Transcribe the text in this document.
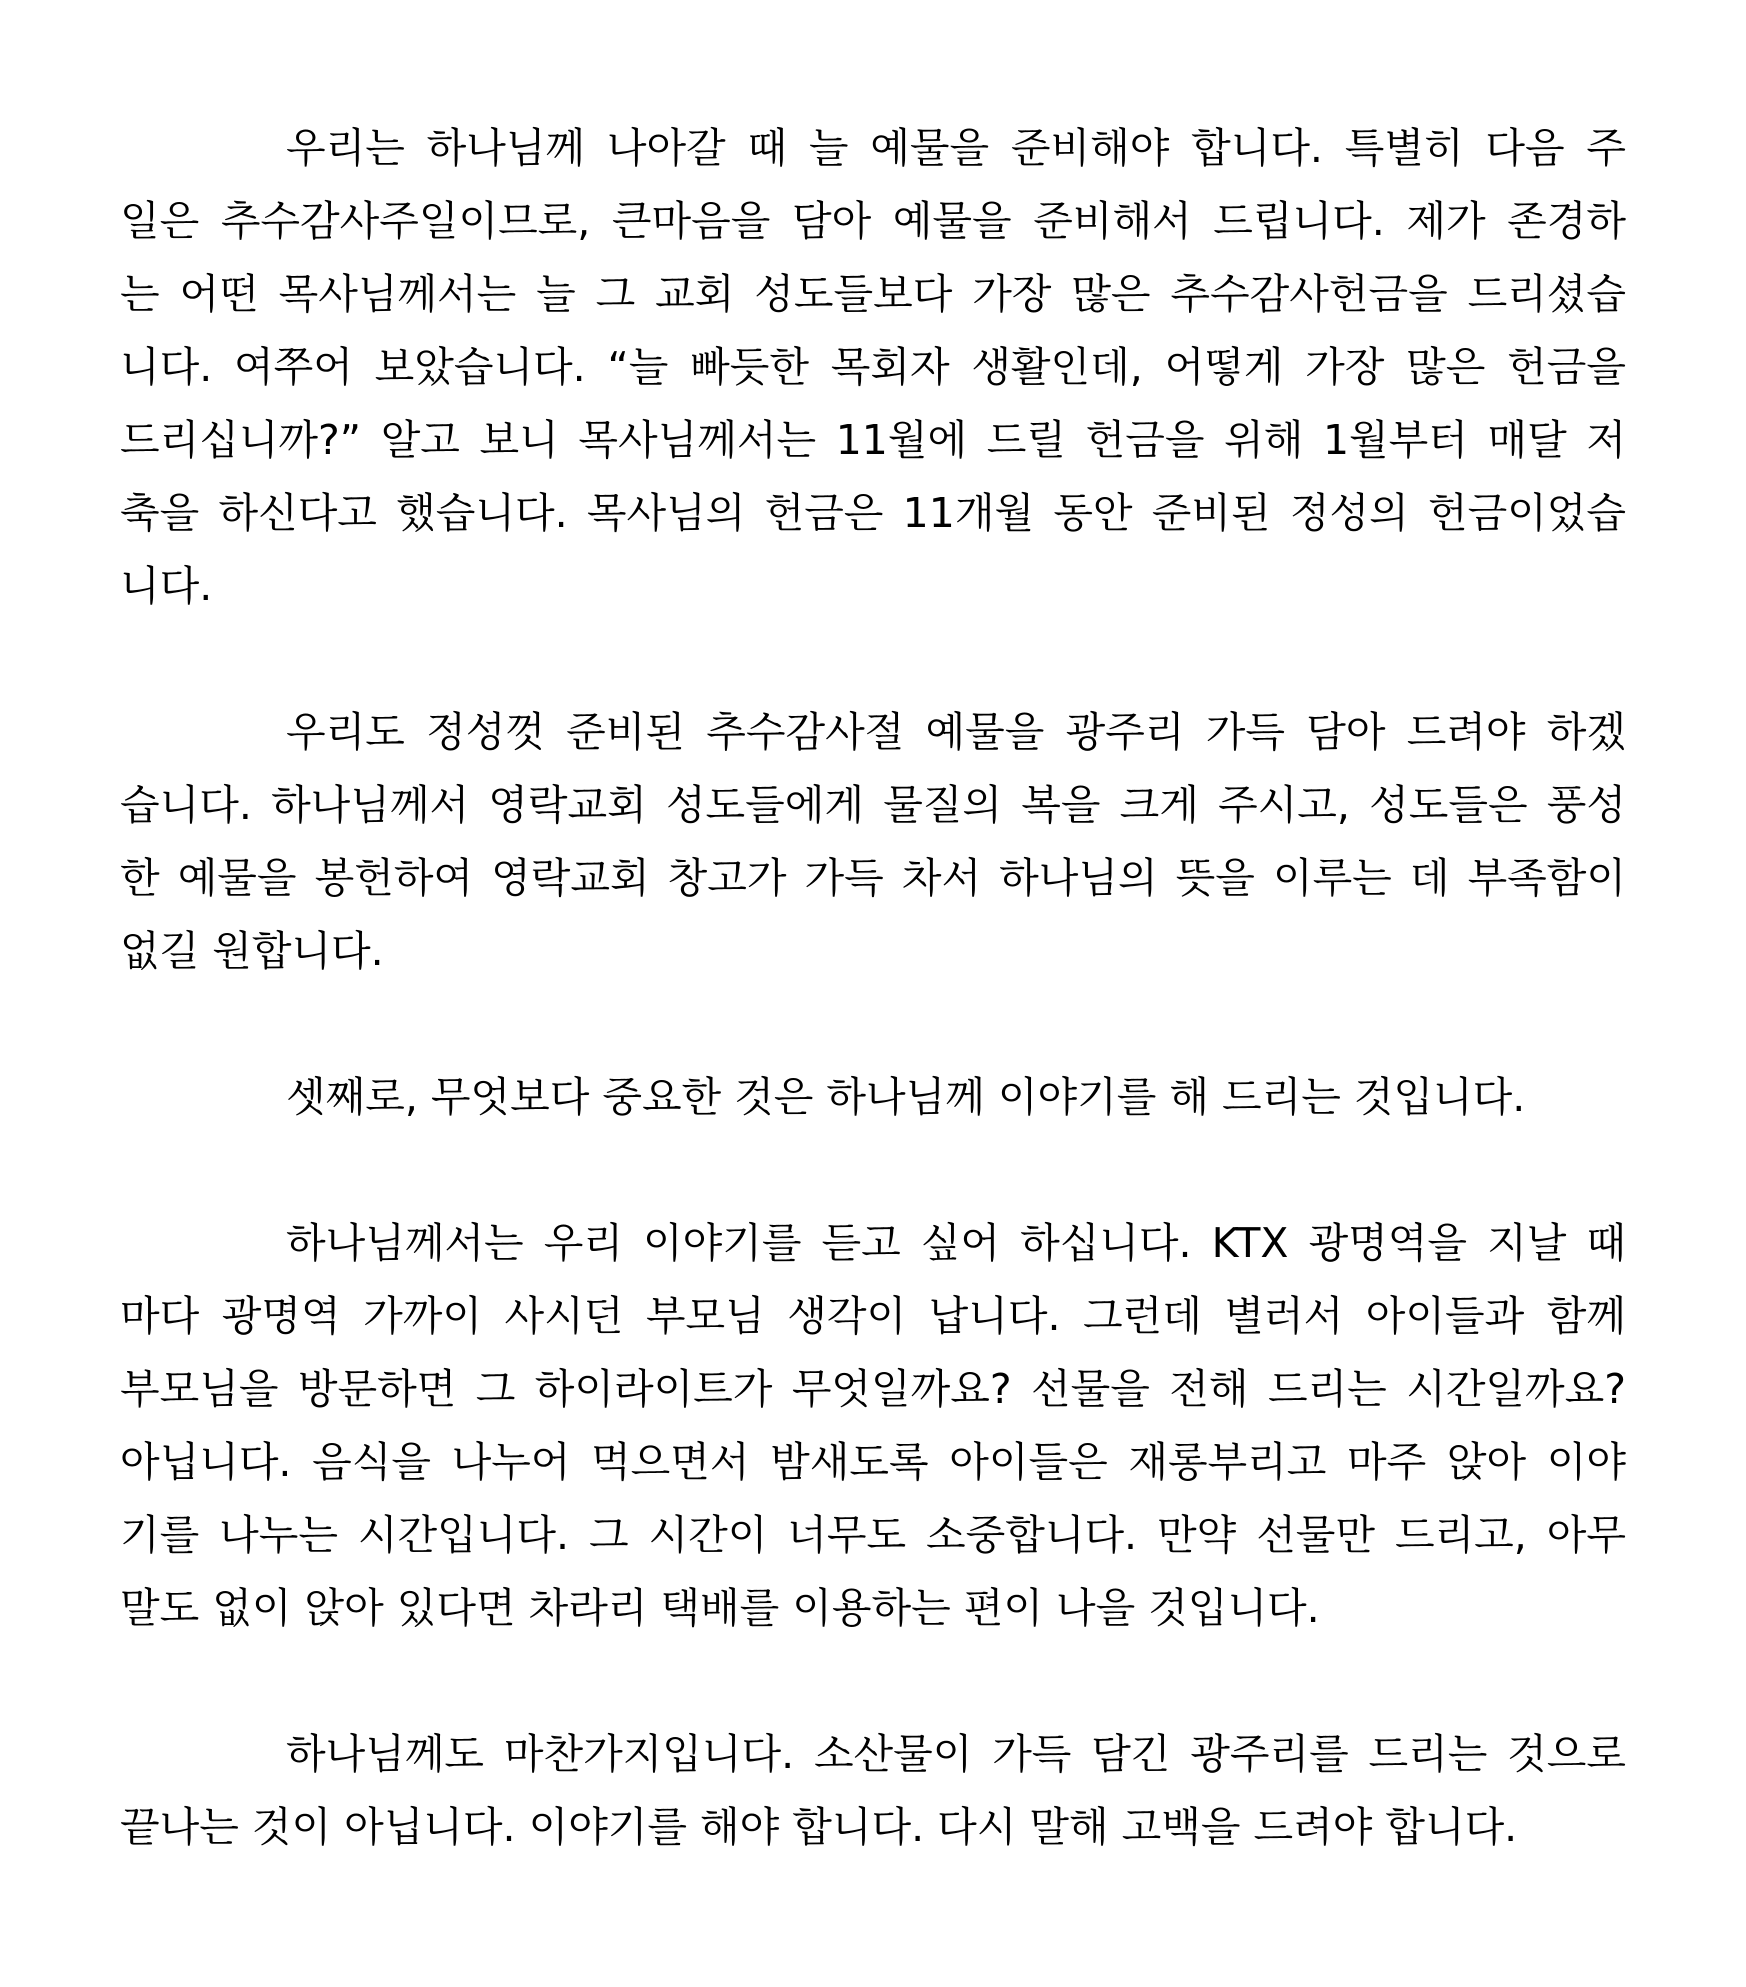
우리는 하나님께 나아갈 때 늘 예물을 준비해야 합니다. 특별히 다음 주
일은 추수감사주일이므로, 큰마음을 담아 예물을 준비해서 드립니다. 제가 존경하
는 어떤 목사님께서는 늘 그 교회 성도들보다 가장 많은 추수감사헌금을 드리셨습
니다. 여쭈어 보았습니다. “늘 빠듯한 목회자 생활인데, 어떻게 가장 많은 헌금을
드리십니까?” 알고 보니 목사님께서는 11월에 드릴 헌금을 위해 1월부터 매달 저
축을 하신다고 했습니다. 목사님의 헌금은 11개월 동안 준비된 정성의 헌금이었습
니다.
우리도 정성껏 준비된 추수감사절 예물을 광주리 가득 담아 드려야 하겠
습니다. 하나님께서 영락교회 성도들에게 물질의 복을 크게 주시고, 성도들은 풍성
한 예물을 봉헌하여 영락교회 창고가 가득 차서 하나님의 뜻을 이루는 데 부족함이
없길 원합니다.
셋째로, 무엇보다 중요한 것은 하나님께 이야기를 해 드리는 것입니다.
하나님께서는 우리 이야기를 듣고 싶어 하십니다. KTX 광명역을 지날 때
마다 광명역 가까이 사시던 부모님 생각이 납니다. 그런데 별러서 아이들과 함께
부모님을 방문하면 그 하이라이트가 무엇일까요? 선물을 전해 드리는 시간일까요?
아닙니다. 음식을 나누어 먹으면서 밤새도록 아이들은 재롱부리고 마주 앉아 이야
기를 나누는 시간입니다. 그 시간이 너무도 소중합니다. 만약 선물만 드리고, 아무
말도 없이 앉아 있다면 차라리 택배를 이용하는 편이 나을 것입니다.
하나님께도 마찬가지입니다. 소산물이 가득 담긴 광주리를 드리는 것으로
끝나는 것이 아닙니다. 이야기를 해야 합니다. 다시 말해 고백을 드려야 합니다.
